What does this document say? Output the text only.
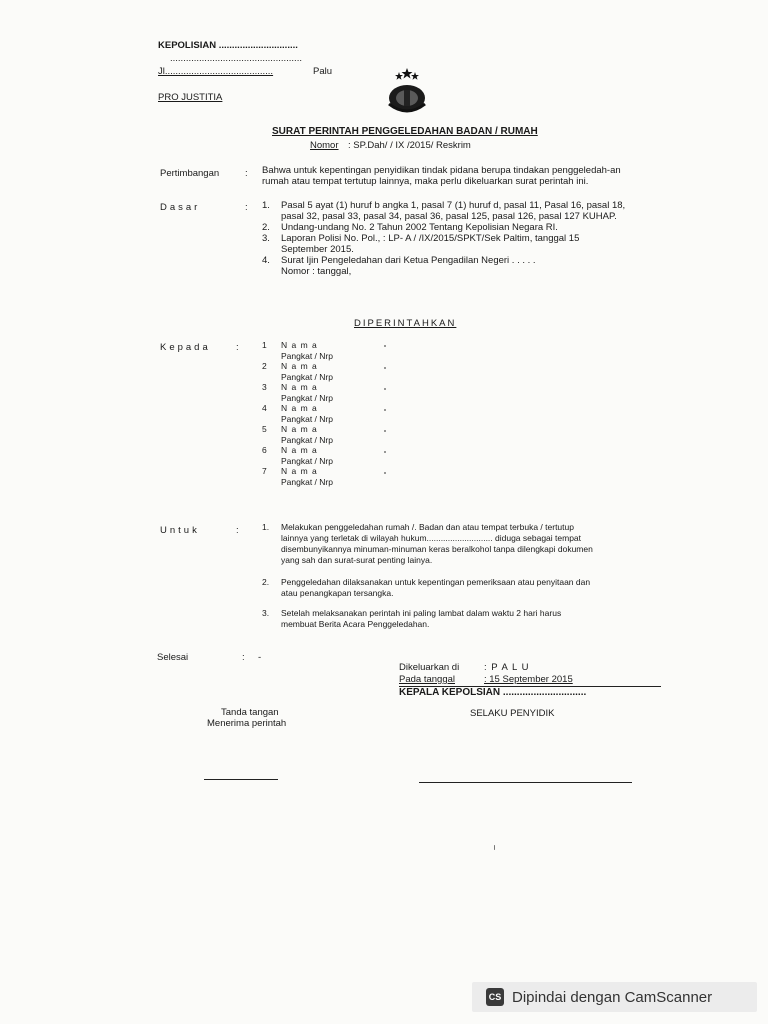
KEPOLISIAN ..............................
..................................................
Jl.........................................	Palu
PRO JUSTITIA
SURAT PERINTAH PENGGELEDAHAN BADAN / RUMAH
Nomor : SP.Dah/ / IX /2015/ Reskrim
Pertimbangan	: Bahwa untuk kepentingan penyidikan tindak pidana berupa tindakan penggeledah-an
rumah atau tempat tertutup lainnya, maka perlu dikeluarkan surat perintah ini.
Dasar	: 1. Pasal 5 ayat (1) huruf b angka 1, pasal 7 (1) huruf d, pasal 11, Pasal 16, pasal 18,
pasal 32, pasal 33, pasal 34, pasal 36, pasal 125, pasal 126, pasal 127 KUHAP.
2. Undang-undang No. 2 Tahun 2002 Tentang Kepolisian Negara RI.
3. Laporan Polisi No. Pol., : LP- A / /IX/2015/SPKT/Sek Paltim, tanggal 15
September 2015.
4. Surat Ijin Pengeledahan dari Ketua Pengadilan Negeri . . . . .
Nomor : tanggal,
DIPERINTAHKAN
Kepada	:	1 N a m a
Pangkat / Nrp
2 N a m a
Pangkat / Nrp
3 N a m a
Pangkat / Nrp
4 N a m a
Pangkat / Nrp
5 N a m a
Pangkat / Nrp
6 N a m a
Pangkat / Nrp
7 N a m a
Pangkat / Nrp
Untuk	:	1. Melakukan penggeledahan rumah /. Badan dan atau tempat terbuka / tertutup
lainnya yang terletak di wilayah hukum............................ diduga sebagai tempat
disembunyikannya minuman-minuman keras beralkohol tanpa dilengkapi dokumen
yang sah dan surat-surat penting lainya.
2. Penggeledahan dilaksanakan untuk kepentingan pemeriksaan atau penyitaan dan
atau penangkapan tersangka.
3. Setelah melaksanakan perintah ini paling lambat dalam waktu 2 hari harus
membuat Berita Acara Penggeledahan.
Selesai	: -
Dikeluarkan di	: P A L U
Pada tanggal	: 15 September 2015
KEPALA KEPOLSIAN ..............................
SELAKU PENYIDIK
Tanda tangan
Menerima perintah
CS Dipindai dengan CamScanner
